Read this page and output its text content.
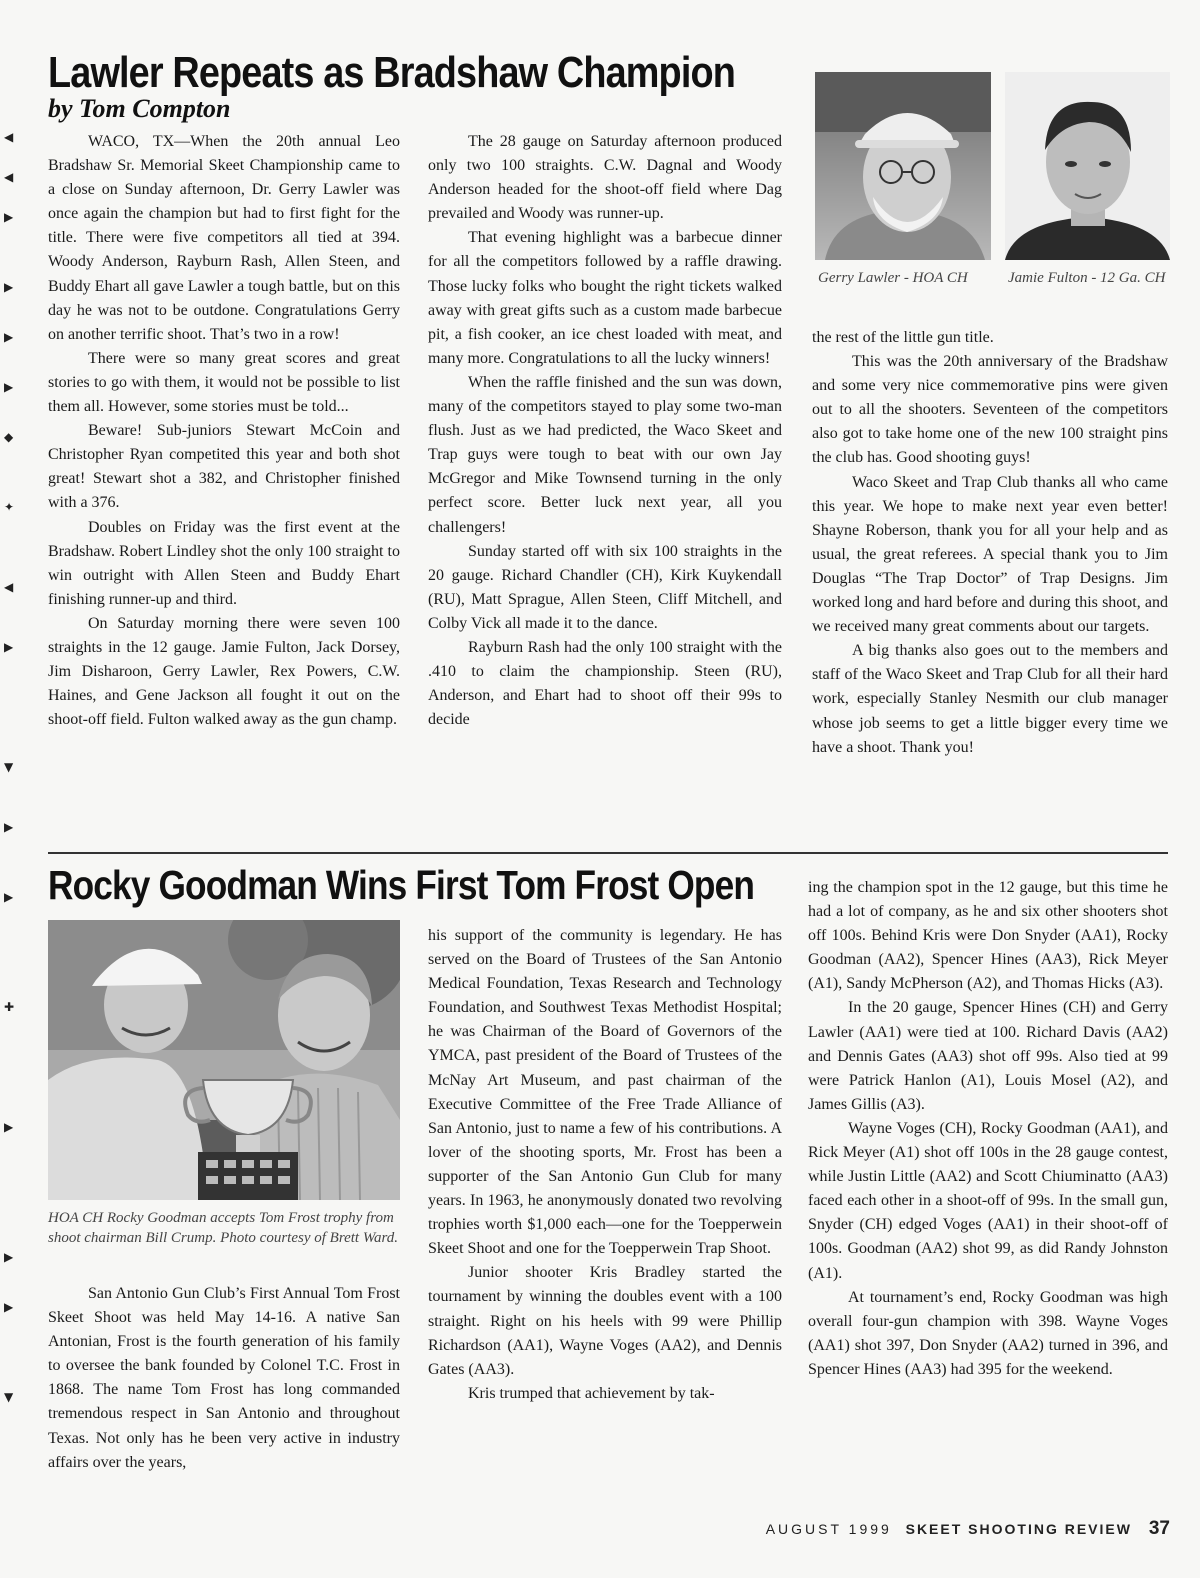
◀
◀
▶
▶
▶
▶
◆
✦
◀
▶
▼
▶
▶
✚
▶
▶
▶
▼
Lawler Repeats as Bradshaw Champion
by Tom Compton

WACO, TX—When the 20th annual Leo Bradshaw Sr. Memorial Skeet Championship came to a close on Sunday afternoon, Dr. Gerry Lawler was once again the champion but had to first fight for the title. There were five competitors all tied at 394. Woody Anderson, Rayburn Rash, Allen Steen, and Buddy Ehart all gave Lawler a tough battle, but on this day he was not to be outdone. Congratulations Gerry on another terrific shoot. That’s two in a row!

There were so many great scores and great stories to go with them, it would not be possible to list them all. However, some stories must be told...

Beware! Sub-juniors Stewart McCoin and Christopher Ryan competited this year and both shot great! Stewart shot a 382, and Christopher finished with a 376.

Doubles on Friday was the first event at the Bradshaw. Robert Lindley shot the only 100 straight to win outright with Allen Steen and Buddy Ehart finishing runner-up and third.

On Saturday morning there were seven 100 straights in the 12 gauge. Jamie Fulton, Jack Dorsey, Jim Disharoon, Gerry Lawler, Rex Powers, C.W. Haines, and Gene Jackson all fought it out on the shoot-off field. Fulton walked away as the gun champ.

The 28 gauge on Saturday afternoon produced only two 100 straights. C.W. Dagnal and Woody Anderson headed for the shoot-off field where Dag prevailed and Woody was runner-up.

That evening highlight was a barbecue dinner for all the competitors followed by a raffle drawing. Those lucky folks who bought the right tickets walked away with great gifts such as a custom made barbecue pit, a fish cooker, an ice chest loaded with meat, and many more. Congratulations to all the lucky winners!

When the raffle finished and the sun was down, many of the competitors stayed to play some two-man flush. Just as we had predicted, the Waco Skeet and Trap guys were tough to beat with our own Jay McGregor and Mike Townsend turning in the only perfect score. Better luck next year, all you challengers!

Sunday started off with six 100 straights in the 20 gauge. Richard Chandler (CH), Kirk Kuykendall (RU), Matt Sprague, Allen Steen, Cliff Mitchell, and Colby Vick all made it to the dance.

Rayburn Rash had the only 100 straight with the .410 to claim the championship. Steen (RU), Anderson, and Ehart had to shoot off their 99s to decide

Gerry Lawler - HOA CH	Jamie Fulton - 12 Ga. CH

the rest of the little gun title.

This was the 20th anniversary of the Bradshaw and some very nice commemorative pins were given out to all the shooters. Seventeen of the competitors also got to take home one of the new 100 straight pins the club has. Good shooting guys!

Waco Skeet and Trap Club thanks all who came this year. We hope to make next year even better! Shayne Roberson, thank you for all your help and as usual, the great referees. A special thank you to Jim Douglas “The Trap Doctor” of Trap Designs. Jim worked long and hard before and during this shoot, and we received many great comments about our targets.

A big thanks also goes out to the members and staff of the Waco Skeet and Trap Club for all their hard work, especially Stanley Nesmith our club manager whose job seems to get a little bigger every time we have a shoot. Thank you!

Rocky Goodman Wins First Tom Frost Open
HOA CH Rocky Goodman accepts Tom Frost trophy from shoot chairman Bill Crump. Photo courtesy of Brett Ward.

San Antonio Gun Club’s First Annual Tom Frost Skeet Shoot was held May 14-16. A native San Antonian, Frost is the fourth generation of his family to oversee the bank founded by Colonel T.C. Frost in 1868. The name Tom Frost has long commanded tremendous respect in San Antonio and throughout Texas. Not only has he been very active in industry affairs over the years,

his support of the community is legendary. He has served on the Board of Trustees of the San Antonio Medical Foundation, Texas Research and Technology Foundation, and Southwest Texas Methodist Hospital; he was Chairman of the Board of Governors of the YMCA, past president of the Board of Trustees of the McNay Art Museum, and past chairman of the Executive Committee of the Free Trade Alliance of San Antonio, just to name a few of his contributions. A lover of the shooting sports, Mr. Frost has been a supporter of the San Antonio Gun Club for many years. In 1963, he anonymously donated two revolving trophies worth $1,000 each—one for the Toepperwein Skeet Shoot and one for the Toepperwein Trap Shoot.

Junior shooter Kris Bradley started the tournament by winning the doubles event with a 100 straight. Right on his heels with 99 were Phillip Richardson (AA1), Wayne Voges (AA2), and Dennis Gates (AA3).

Kris trumped that achievement by tak-

ing the champion spot in the 12 gauge, but this time he had a lot of company, as he and six other shooters shot off 100s. Behind Kris were Don Snyder (AA1), Rocky Goodman (AA2), Spencer Hines (AA3), Rick Meyer (A1), Sandy McPherson (A2), and Thomas Hicks (A3).

In the 20 gauge, Spencer Hines (CH) and Gerry Lawler (AA1) were tied at 100. Richard Davis (AA2) and Dennis Gates (AA3) shot off 99s. Also tied at 99 were Patrick Hanlon (A1), Louis Mosel (A2), and James Gillis (A3).

Wayne Voges (CH), Rocky Goodman (AA1), and Rick Meyer (A1) shot off 100s in the 28 gauge contest, while Justin Little (AA2) and Scott Chiuminatto (AA3) faced each other in a shoot-off of 99s. In the small gun, Snyder (CH) edged Voges (AA1) in their shoot-off of 100s. Goodman (AA2) shot 99, as did Randy Johnston (A1).

At tournament’s end, Rocky Goodman was high overall four-gun champion with 398. Wayne Voges (AA1) shot 397, Don Snyder (AA2) turned in 396, and Spencer Hines (AA3) had 395 for the weekend.

AUGUST 1999 SKEET SHOOTING REVIEW 37
